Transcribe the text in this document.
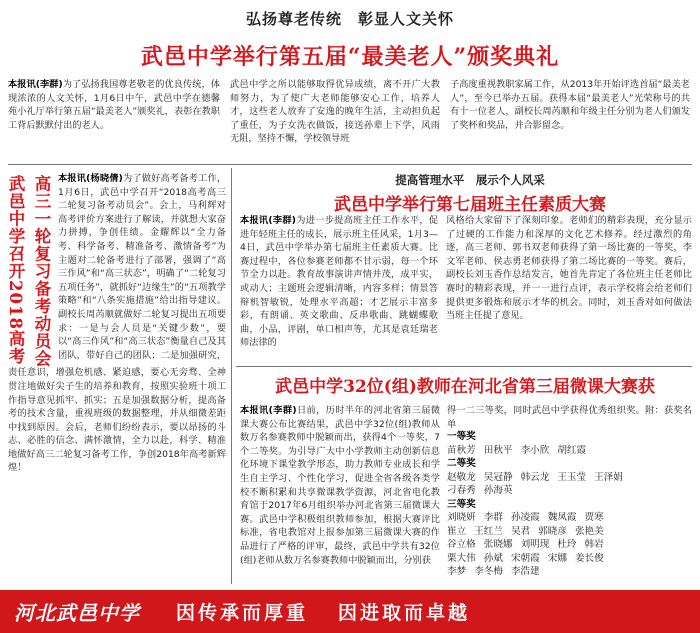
弘扬尊老传统　彰显人文关怀
武邑中学举行第五届“最美老人”颁奖典礼
本报讯(李群)为了弘扬我国尊老敬老的优良传统，体现浓浓的人文关怀，1月6日中午，武邑中学在德馨苑小礼厅举行第五届“最美老人”颁奖礼，表彰在教职工背后默默付出的老人。
武邑中学之所以能够取得优异成绩，离不开广大教师努力，为了使广大老师能够安心工作，培养人才，这些老人放弃了安逸的晚年生活，主动担负起了重任，为子女洗衣做饭，接送孙辈上下学，风雨无阻，坚持不懈，学校领导班
子高度重视教职家属工作，从2013年开始评选首届“最美老人”，至今已举办五届。获得本届“最美老人”光荣称号的共有十一位老人，副校长周芮顺和年级主任分别为老人们颁发了奖杯和奖品，并合影留念。
高三一轮复习备考动员会
武邑中学召开2018高考	本报讯(杨晓倩)为了做好高考备考工作，1月6日，武邑中学召开“2018高考高三二轮复习备考动员会”。会上，马利辉对高考评价方案进行了解读，并就想大家奋力拼搏，争创佳绩。金耀辉以“全力备考、科学备考、精准备考、激情备考”为主题对二轮备考进行了部署，强调了“高三作风”和“高三状态”，明确了“二轮复习五项任务”，就抓好“边缘生”的“五项教学策略”和“八条实施措施”给出指导建议。副校长周芮顺就做好二轮复习提出五项要求：一是与会人员是“关键少数”，要以“高三作风”和“高三状态”衡量自己及其团队，带好自己的团队；二是加强研究，
责任意识，增强危机感、紧迫感，要心无旁骛、全神贯注地做好尖子生的培养和教育，按照实验班十项工作指导意见抓牢、抓实；五是加强数据分析，提高备考的技术含量，重视班级的数据整理，并从细微差距中找到原因。会后，老师们纷纷表示，要以昂扬的斗志、必胜的信念、满怀激情，全力以赴，科学、精准地做好高三二轮复习备考工作，争创2018年高考新辉煌！
提高管理水平　展示个人风采
武邑中学举行第七届班主任素质大赛
本报讯(李群)为进一步提高班主任工作水平，促进年轻班主任的成长，展示班主任风采，1月3—4日，武邑中学举办第七届班主任素质大赛。比赛过程中，各位参赛老师都不甘示弱，每一个环节全力以赴。教育故事演讲声情并茂，成平实，或动人；主题班会逻辑清晰，内容多样；情景答辩机智敏锐，处理水平高超；才艺展示丰富多彩，有朗诵、英文歌曲、反串歌曲、跳蝴蝶歌曲，小品，评剧，单口相声等，尤其是袁廷瑞老师法律的
风格给大家留下了深刻印象。老师们的精彩表现，充分显示了过硬的工作能力和深厚的文化艺术修养。经过激烈的角逐，高三老师、郭书双老师获得了第一场比赛的一等奖，李文军老师、侯志勇老师获得了第二场比赛的一等奖。赛后，副校长刘玉香作总结发言，她首先肯定了各位班主任老师比赛时的精彩表现，并一一进行点评，表示学校将会给老师们提供更多锻炼和展示才华的机会。同时，刘玉香对如何做法当班主任提了意见。
武邑中学32位(组)教师在河北省第三届微课大赛获
本报讯(李群)日前，历时半年的河北省第三届微课大赛公布比赛结果，武邑中学32位(组)教师从数万名参赛教师中脱颖而出，获得4个一等奖，7个二等奖。为引导广大中小学教师主动创新信息化环境下课堂教学形态，助力教师专业成长和学生自主学习、个性化学习，促进全省各级各类学校不断积累和共享微课教学资源，河北省电化教育馆于2017年6月组织举办河北省第三届微课大赛。武邑中学积极组织教师参加，根据大赛评比标准，省电教馆对上报参加第三届微课大赛的作品进行了严格的评审，最终，武邑中学共有32位(组)老师从数万名参赛教师中脱颖而出，分别获
得一二三等奖，同时武邑中学获得优秀组织奖。附：获奖名单
一等奖
苗秋芳 田秋平 李小欣 胡红霞
二等奖
赵敬龙 吴冠静 韩云龙 王玉莹 王泽娟
刁春秀 孙海英
三等奖
刘晓妍 李群 孙凌霞 魏凤霞 贾寒
崔立 王红兰 吴君 郭晓彦 张艳美
谷立格 张晓娜 刘明现 杜玲 韩岩
栗大伟 孙斌 宋朝霞 宋娜 姜长俊
李梦 李冬梅 李浩建
河北武邑中学 因传承而厚重 因进取而卓越
